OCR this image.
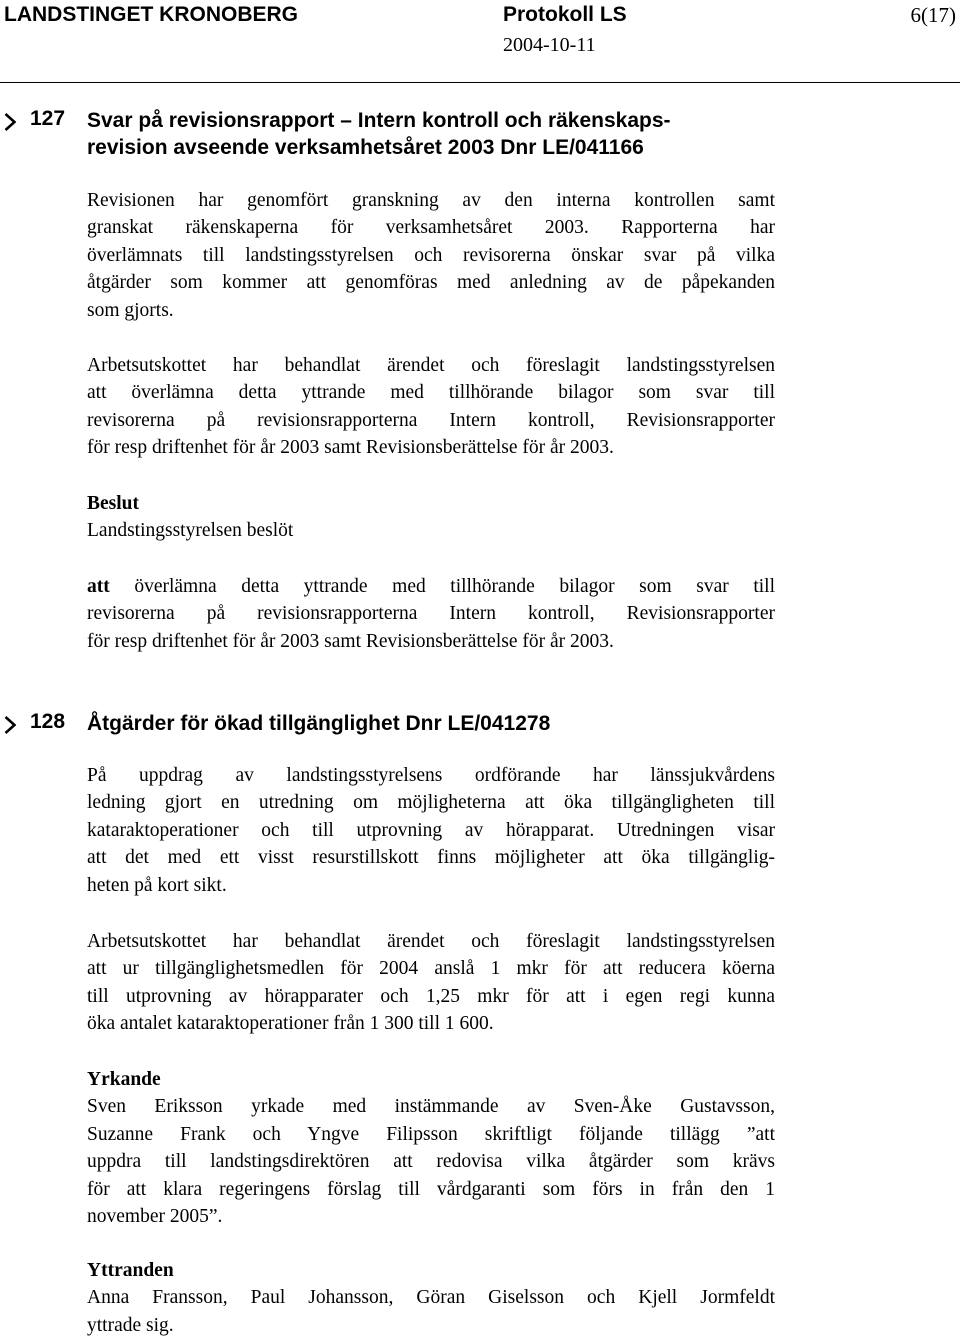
LANDSTINGET KRONOBERG	Protokoll LS
2004-10-11
6(17)
127 Svar på revisionsrapport – Intern kontroll och räkenskaps-
revision avseende verksamhetsåret 2003 Dnr LE/041166

Revisionen har genomfört granskning av den interna kontrollen samt

granskat räkenskaperna för verksamhetsåret 2003. Rapporterna har

överlämnats till landstingsstyrelsen och revisorerna önskar svar på vilka

åtgärder som kommer att genomföras med anledning av de påpekanden

som gjorts.

Arbetsutskottet har behandlat ärendet och föreslagit landstingsstyrelsen

att överlämna detta yttrande med tillhörande bilagor som svar till

revisorerna på revisionsrapporterna Intern kontroll, Revisionsrapporter

för resp driftenhet för år 2003 samt Revisionsberättelse för år 2003.

Beslut

Landstingsstyrelsen beslöt

att överlämna detta yttrande med tillhörande bilagor som svar till

revisorerna på revisionsrapporterna Intern kontroll, Revisionsrapporter

för resp driftenhet för år 2003 samt Revisionsberättelse för år 2003.

128 Åtgärder för ökad tillgänglighet Dnr LE/041278

På uppdrag av landstingsstyrelsens ordförande har länssjukvårdens

ledning gjort en utredning om möjligheterna att öka tillgängligheten till

kataraktoperationer och till utprovning av hörapparat. Utredningen visar

att det med ett visst resurstillskott finns möjligheter att öka tillgänglig-

heten på kort sikt.

Arbetsutskottet har behandlat ärendet och föreslagit landstingsstyrelsen

att ur tillgänglighetsmedlen för 2004 anslå 1 mkr för att reducera köerna

till utprovning av hörapparater och 1,25 mkr för att i egen regi kunna

öka antalet kataraktoperationer från 1 300 till 1 600.

Yrkande

Sven Eriksson yrkade med instämmande av Sven-Åke Gustavsson,

Suzanne Frank och Yngve Filipsson skriftligt följande tillägg ”att

uppdra till landstingsdirektören att redovisa vilka åtgärder som krävs

för att klara regeringens förslag till vårdgaranti som förs in från den 1

november 2005”.

Yttranden

Anna Fransson, Paul Johansson, Göran Giselsson och Kjell Jormfeldt

yttrade sig.
